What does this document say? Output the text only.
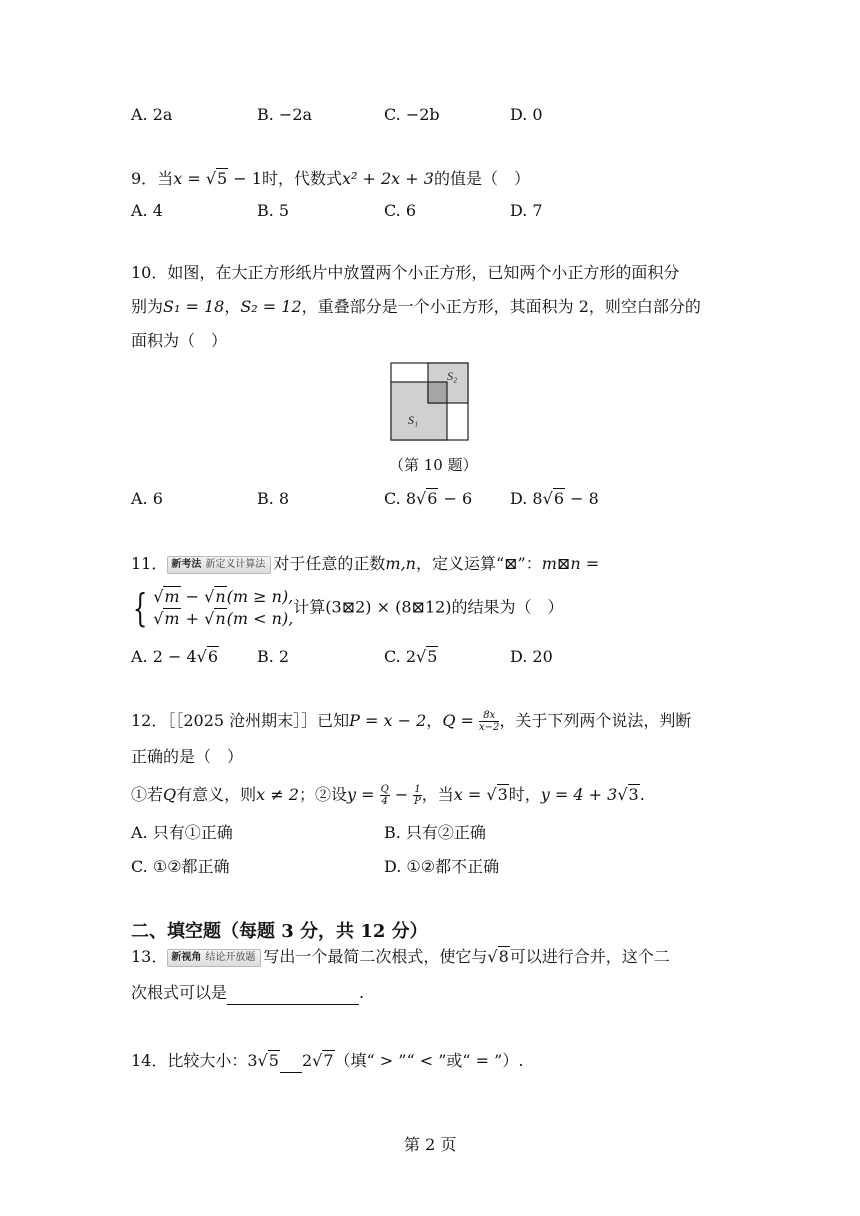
A. 2a	B. −2a	C. −2b	D. 0
9．当x = √5 − 1时，代数式x² + 2x + 3的值是（　）
A. 4	B. 5	C. 6	D. 7
10．如图，在大正方形纸片中放置两个小正方形，已知两个小正方形的面积分
别为S₁ = 18，S₂ = 12，重叠部分是一个小正方形，其面积为 2，则空白部分的
面积为（　）
S₁
S₂
（第 10 题）
A. 6	B. 8	C. 8√6 − 6 D. 8√6 − 8
11． 新考法 新定义计算法 对于任意的正数m,n，定义运算“⊠”：m⊠n =
{ √m − √n(m ≥ n),
√m + √n(m < n),
计算(3⊠2) × (8⊠12)的结果为（　）
A. 2 − 4√6 B. 2	C. 2√5	D. 20
12．［［2025 沧州期末］］已知P = x − 2，$Q = \frac{8x}{x-2}$ ，关于下列两个说法，判断
正确的是（　）
①若Q有意义，则x ≠ 2；②设$y = \frac{Q}{4} - \frac{1}{P}$ ，当x = √3时，y = 4 + 3√3.
A. 只有①正确	B. 只有②正确
C. ①②都正确	D. ①②都不正确
二、填空题（每题 3 分，共 12 分）
13． 新视角 结论开放题 写出一个最简二次根式，使它与√8可以进行合并，这个二
次根式可以是	.
14．比较大小：3√5 2√7（填“ > ”“ < ”或“ = ”）.
第 2 页
